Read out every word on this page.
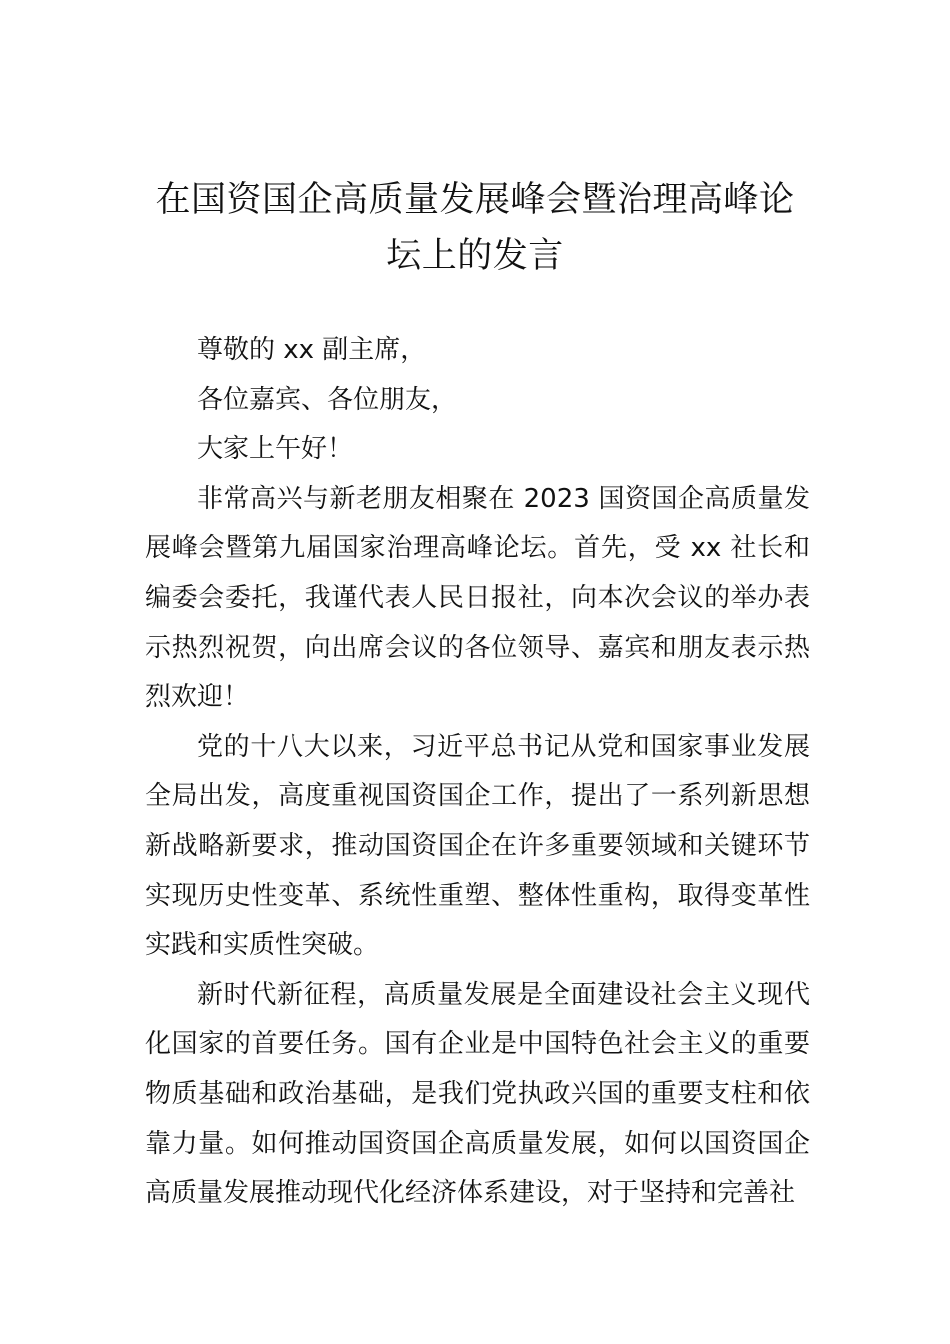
在国资国企高质量发展峰会暨治理高峰论
坛上的发言

尊敬的 xx 副主席，

各位嘉宾、各位朋友，

大家上午好！

非常高兴与新老朋友相聚在 2023 国资国企高质量发展峰会暨第九届国家治理高峰论坛。首先，受 xx 社长和编委会委托，我谨代表人民日报社，向本次会议的举办表示热烈祝贺，向出席会议的各位领导、嘉宾和朋友表示热烈欢迎！

党的十八大以来，习近平总书记从党和国家事业发展全局出发，高度重视国资国企工作，提出了一系列新思想新战略新要求，推动国资国企在许多重要领域和关键环节实现历史性变革、系统性重塑、整体性重构，取得变革性实践和实质性突破。

新时代新征程，高质量发展是全面建设社会主义现代化国家的首要任务。国有企业是中国特色社会主义的重要物质基础和政治基础，是我们党执政兴国的重要支柱和依靠力量。如何推动国资国企高质量发展，如何以国资国企高质量发展推动现代化经济体系建设，对于坚持和完善社
